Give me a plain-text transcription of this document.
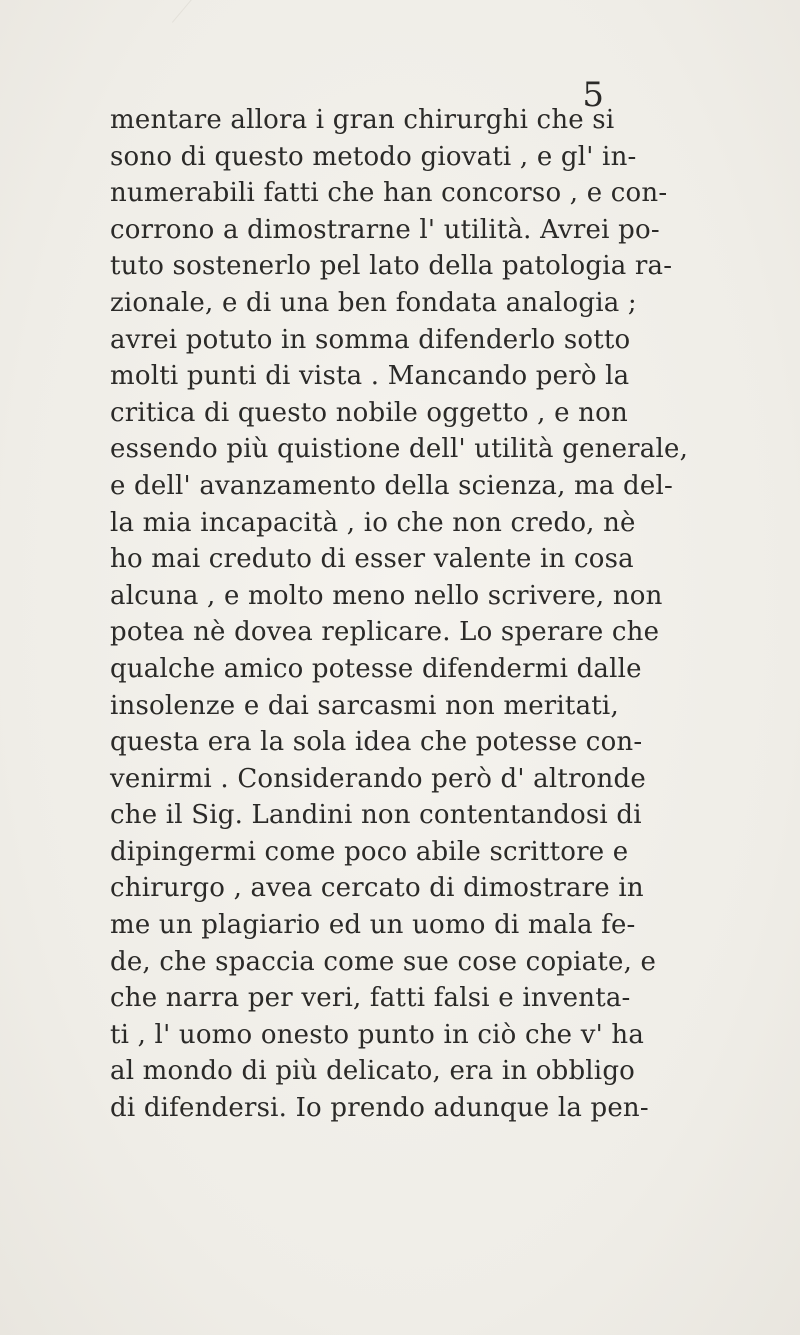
5
mentare allora i gran chirurghi che si
sono di questo metodo giovati , e gl' in-
numerabili fatti che han concorso , e con-
corrono a dimostrarne l' utilità. Avrei po-
tuto sostenerlo pel lato della patologia ra-
zionale, e di una ben fondata analogia ;
avrei potuto in somma difenderlo sotto
molti punti di vista . Mancando però la
critica di questo nobile oggetto , e non
essendo più quistione dell' utilità generale,
e dell' avanzamento della scienza, ma del-
la mia incapacità , io che non credo, nè
ho mai creduto di esser valente in cosa
alcuna , e molto meno nello scrivere, non
potea nè dovea replicare. Lo sperare che
qualche amico potesse difendermi dalle
insolenze e dai sarcasmi non meritati,
questa era la sola idea che potesse con-
venirmi . Considerando però d' altronde
che il Sig. Landini non contentandosi di
dipingermi come poco abile scrittore e
chirurgo , avea cercato di dimostrare in
me un plagiario ed un uomo di mala fe-
de, che spaccia come sue cose copiate, e
che narra per veri, fatti falsi e inventa-
ti , l' uomo onesto punto in ciò che v' ha
al mondo di più delicato, era in obbligo
di difendersi. Io prendo adunque la pen-
